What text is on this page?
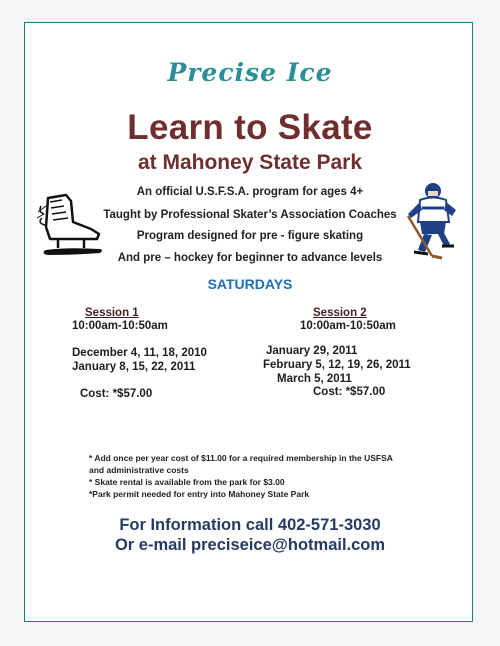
Precise Ice
Learn to Skate
at Mahoney State Park
An official U.S.F.S.A. program for ages 4+
Taught by Professional Skater’s Association Coaches
Program designed for pre - figure skating
And pre – hockey for beginner to advance levels
SATURDAYS
Session 1
10:00am-10:50am
December 4, 11, 18, 2010
January 8, 15, 22, 2011
Cost: *$57.00
Session 2
10:00am-10:50am
January 29, 2011
February 5, 12, 19, 26, 2011
March 5, 2011
Cost: *$57.00
* Add once per year cost of $11.00 for a required membership in the USFSA
and administrative costs
* Skate rental is available from the park for $3.00
*Park permit needed for entry into Mahoney State Park
For Information call 402-571-3030
Or e-mail preciseice@hotmail.com
